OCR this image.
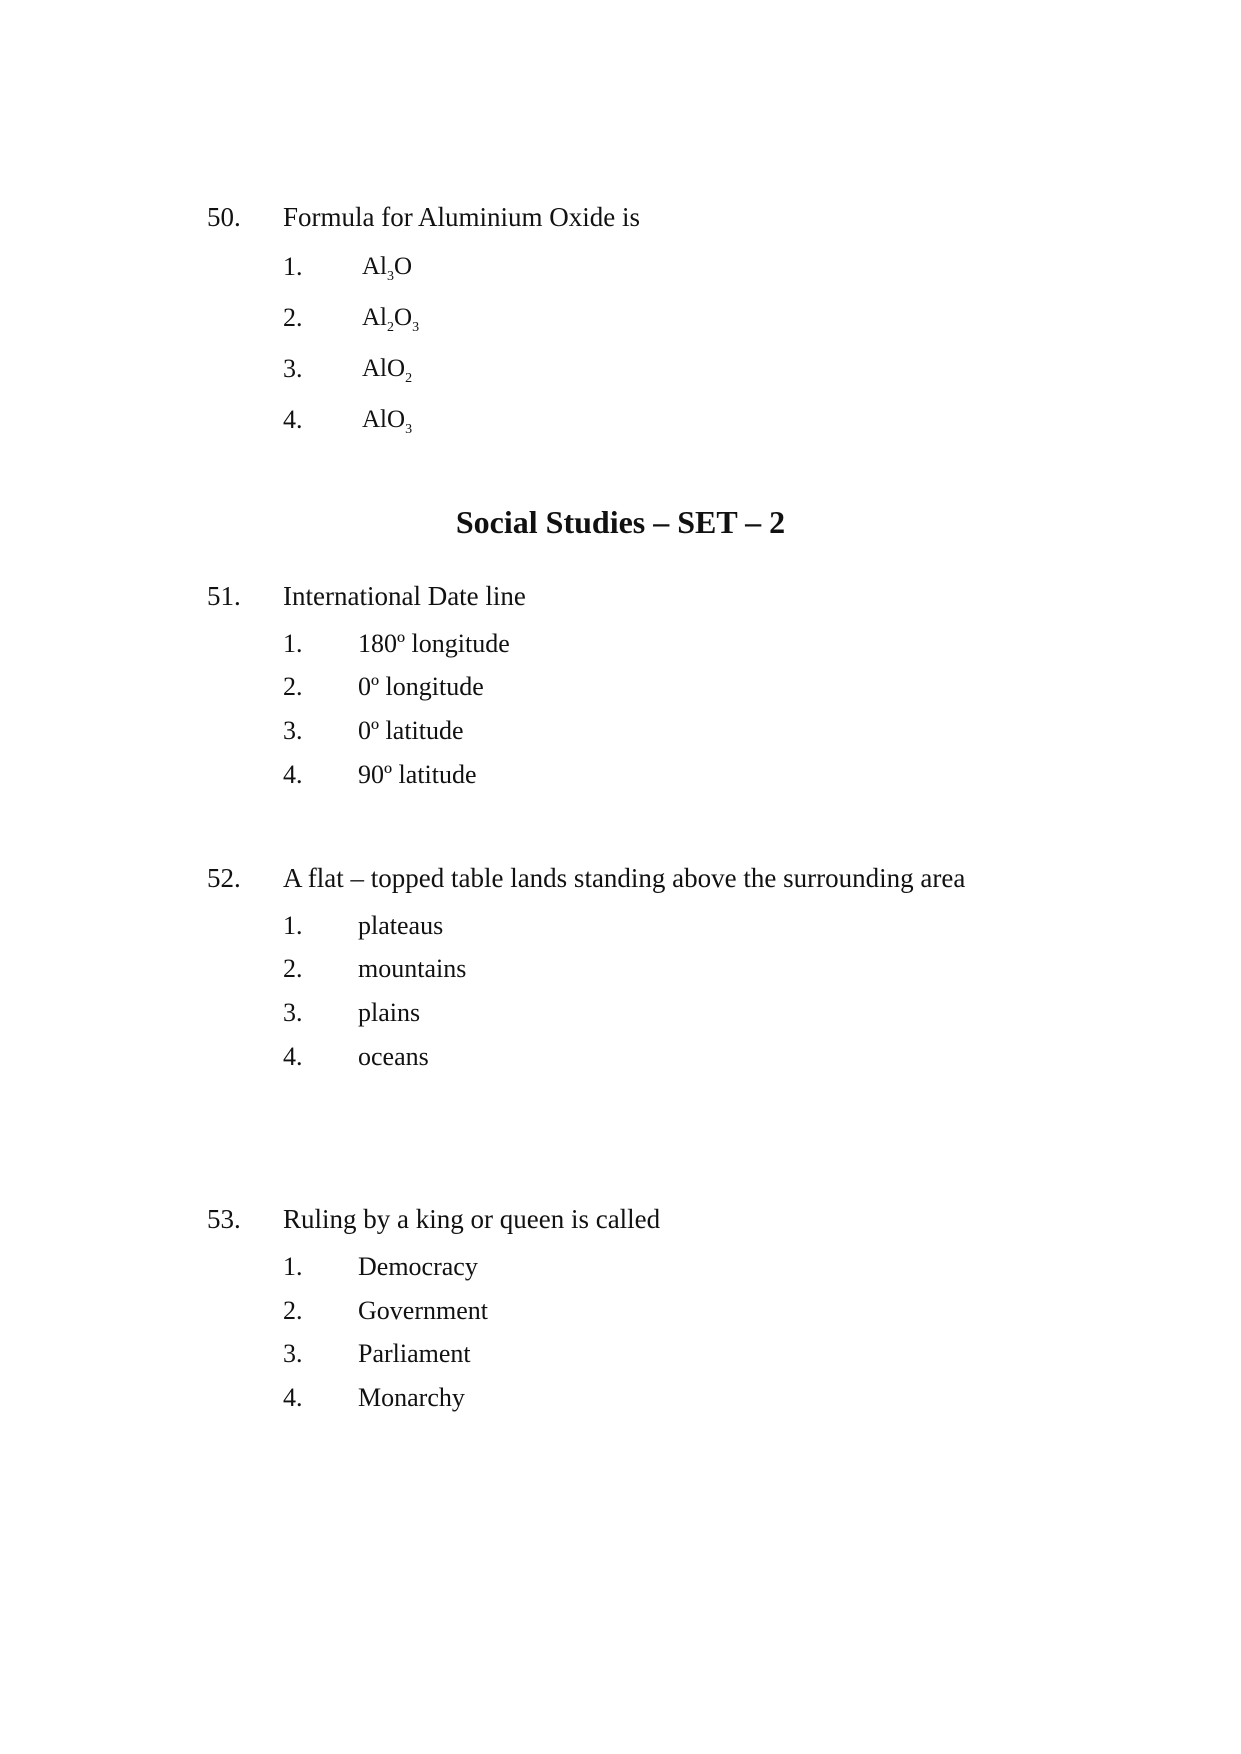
50. Formula for Aluminium Oxide is
1. $Al_3O$
2. $Al_2O_3$
3. AlO$_2$
4. AlO$_3$
Social Studies – SET – 2
51. International Date line
1. 180º longitude
2. 0º longitude
3. 0º latitude
4. 90º latitude
52. A flat – topped table lands standing above the surrounding area
1. plateaus
2. mountains
3. plains
4. oceans
53. Ruling by a king or queen is called
1. Democracy
2. Government
3. Parliament
4. Monarchy
